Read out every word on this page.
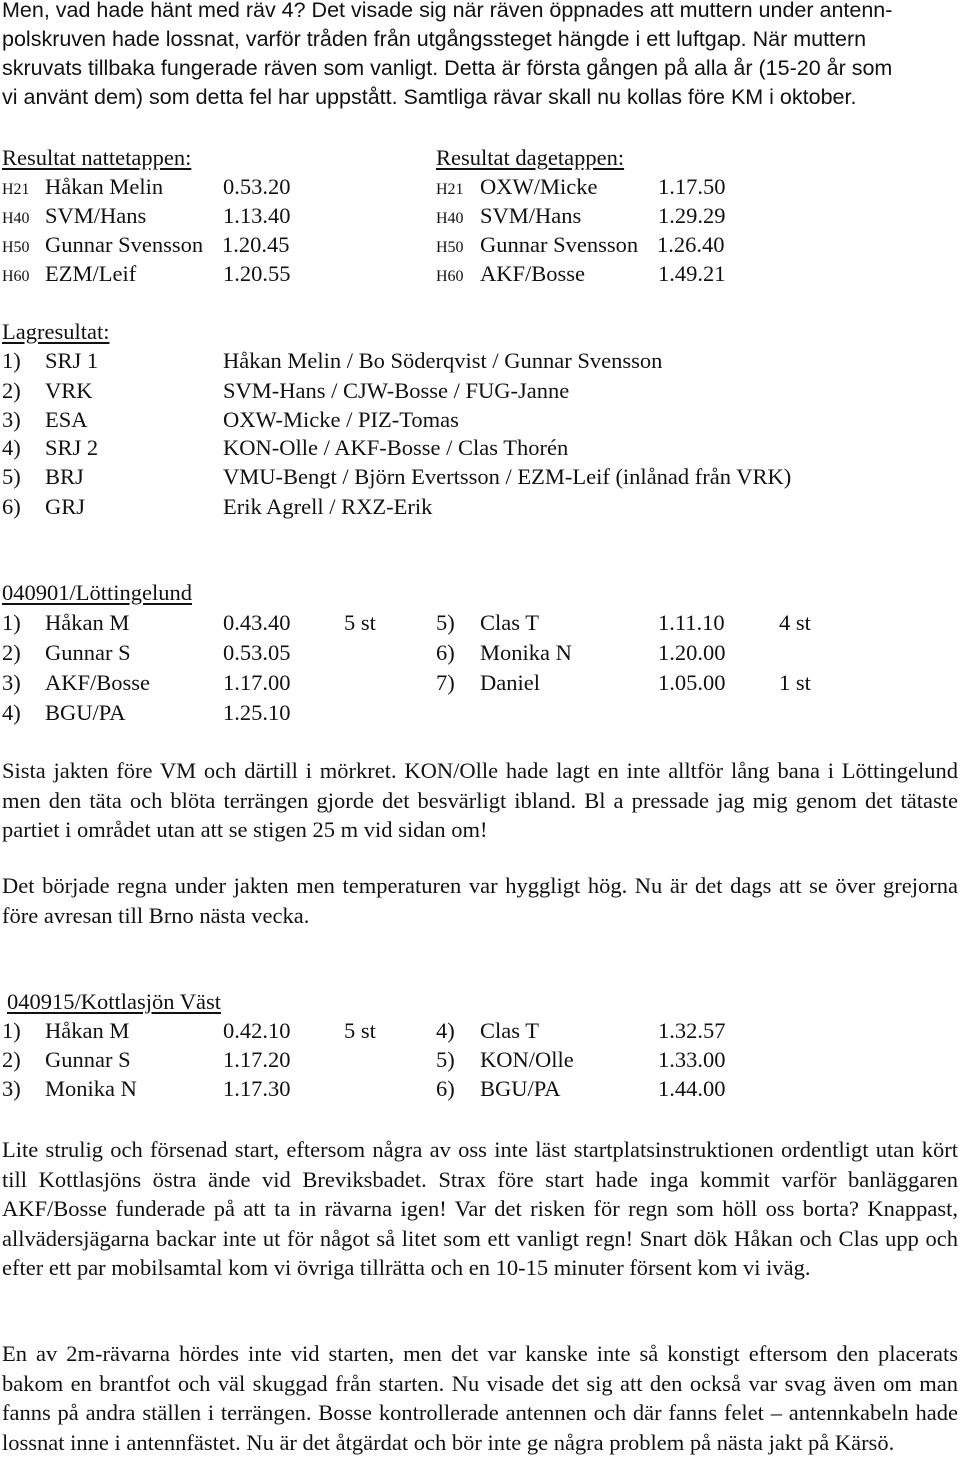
Men, vad hade hänt med räv 4? Det visade sig när räven öppnades att muttern under antenn-
polskruven hade lossnat, varför tråden från utgångssteget hängde i ett luftgap. När muttern
skruvats tillbaka fungerade räven som vanligt. Detta är första gången på alla år (15-20 år som
vi använt dem) som detta fel har uppstått. Samtliga rävar skall nu kollas före KM i oktober.
Resultat nattetappen:
H21 Håkan Melin	0.53.20
H40 SVM/Hans	1.13.40
H50 Gunnar Svensson 1.20.45
H60 EZM/Leif	1.20.55
Resultat dagetappen:
H21 OXW/Micke	1.17.50
H40 SVM/Hans	1.29.29
H50 Gunnar Svensson 1.26.40
H60 AKF/Bosse	1.49.21
Lagresultat:
1) SRJ 1	Håkan Melin / Bo Söderqvist / Gunnar Svensson
2) VRK	SVM-Hans / CJW-Bosse / FUG-Janne
3) ESA	OXW-Micke / PIZ-Tomas
4) SRJ 2	KON-Olle / AKF-Bosse / Clas Thorén
5) BRJ	VMU-Bengt / Björn Evertsson / EZM-Leif (inlånad från VRK)
6) GRJ	Erik Agrell / RXZ-Erik
040901/Löttingelund
1) Håkan M	0.43.40 5 st
2) Gunnar S	0.53.05
3) AKF/Bosse	1.17.00
4) BGU/PA	1.25.10
5) Clas T	1.11.10 4 st
6) Monika N	1.20.00
7) Daniel	1.05.00 1 st

Sista jakten före VM och därtill i mörkret. KON/Olle hade lagt en inte alltför lång bana i Löttingelund men den täta och blöta terrängen gjorde det besvärligt ibland. Bl a pressade jag mig genom det tätaste partiet i området utan att se stigen 25 m vid sidan om!

Det började regna under jakten men temperaturen var hyggligt hög. Nu är det dags att se över grejorna före avresan till Brno nästa vecka.

040915/Kottlasjön Väst
1) Håkan M	0.42.10 5 st
2) Gunnar S	1.17.20
3) Monika N	1.17.30
4) Clas T	1.32.57
5) KON/Olle	1.33.00
6) BGU/PA	1.44.00

Lite strulig och försenad start, eftersom några av oss inte läst startplatsinstruktionen ordentligt utan kört till Kottlasjöns östra ände vid Breviksbadet. Strax före start hade inga kommit varför banläggaren AKF/Bosse funderade på att ta in rävarna igen! Var det risken för regn som höll oss borta? Knappast, allvädersjägarna backar inte ut för något så litet som ett vanligt regn! Snart dök Håkan och Clas upp och efter ett par mobilsamtal kom vi övriga tillrätta och en 10-15 minuter försent kom vi iväg.

En av 2m-rävarna hördes inte vid starten, men det var kanske inte så konstigt eftersom den placerats bakom en brantfot och väl skuggad från starten. Nu visade det sig att den också var svag även om man fanns på andra ställen i terrängen. Bosse kontrollerade antennen och där fanns felet – antennkabeln hade lossnat inne i antennfästet. Nu är det åtgärdat och bör inte ge några problem på nästa jakt på Kärsö.
